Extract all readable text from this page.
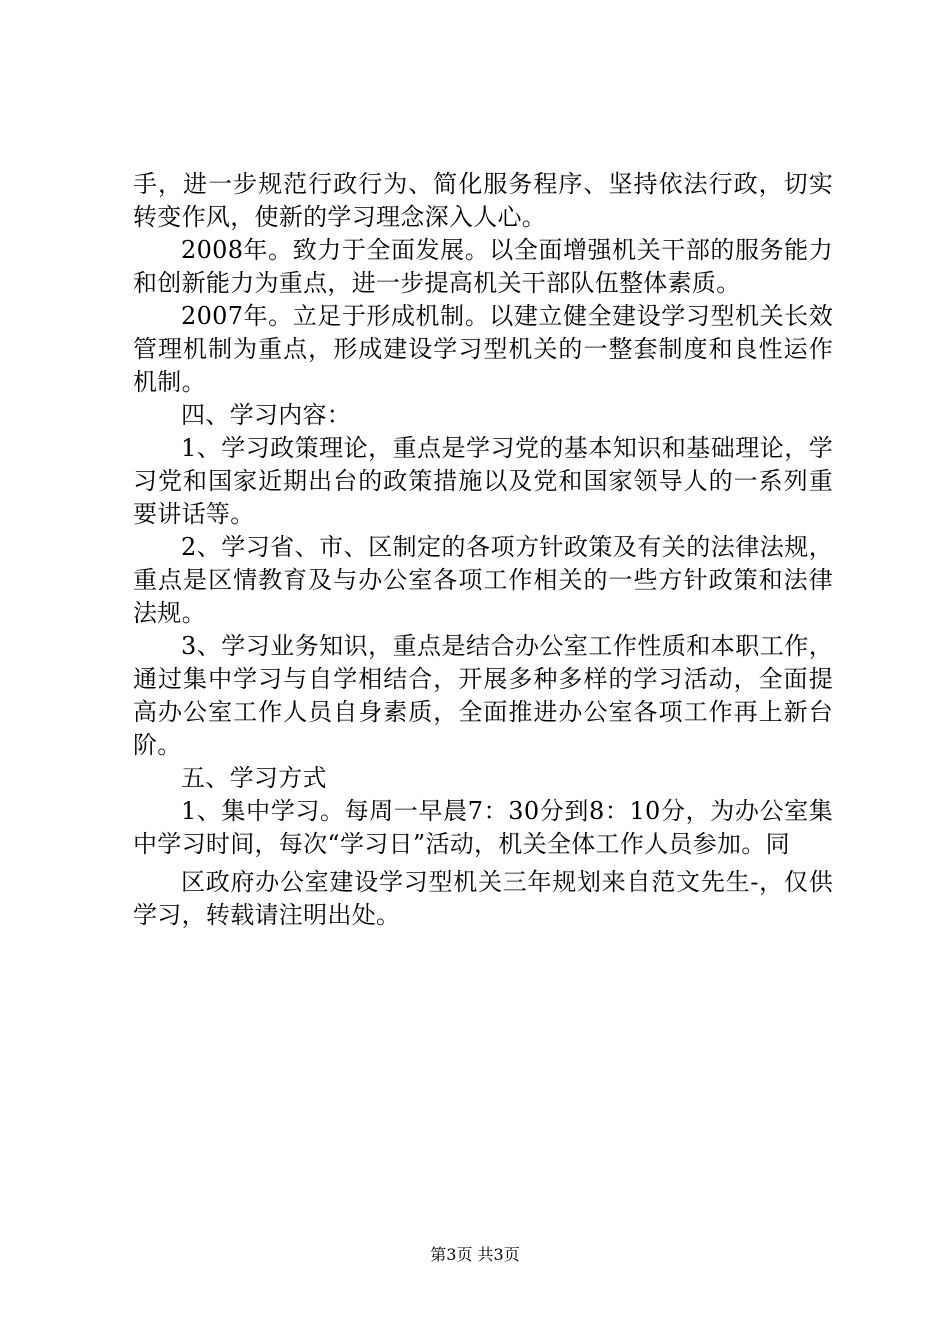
手，进一步规范行政行为、简化服务程序、坚持依法行政，切实转变作风，使新的学习理念深入人心。

2008年。致力于全面发展。以全面增强机关干部的服务能力和创新能力为重点，进一步提高机关干部队伍整体素质。

2007年。立足于形成机制。以建立健全建设学习型机关长效管理机制为重点，形成建设学习型机关的一整套制度和良性运作机制。

四、学习内容：

1、学习政策理论，重点是学习党的基本知识和基础理论，学习党和国家近期出台的政策措施以及党和国家领导人的一系列重要讲话等。

2、学习省、市、区制定的各项方针政策及有关的法律法规，重点是区情教育及与办公室各项工作相关的一些方针政策和法律法规。

3、学习业务知识，重点是结合办公室工作性质和本职工作，通过集中学习与自学相结合，开展多种多样的学习活动，全面提高办公室工作人员自身素质，全面推进办公室各项工作再上新台阶。

五、学习方式

1、集中学习。每周一早晨7：30分到8：10分，为办公室集中学习时间，每次“学习日”活动，机关全体工作人员参加。同

区政府办公室建设学习型机关三年规划来自范文先生-，仅供学习，转载请注明出处。

第3页 共3页
